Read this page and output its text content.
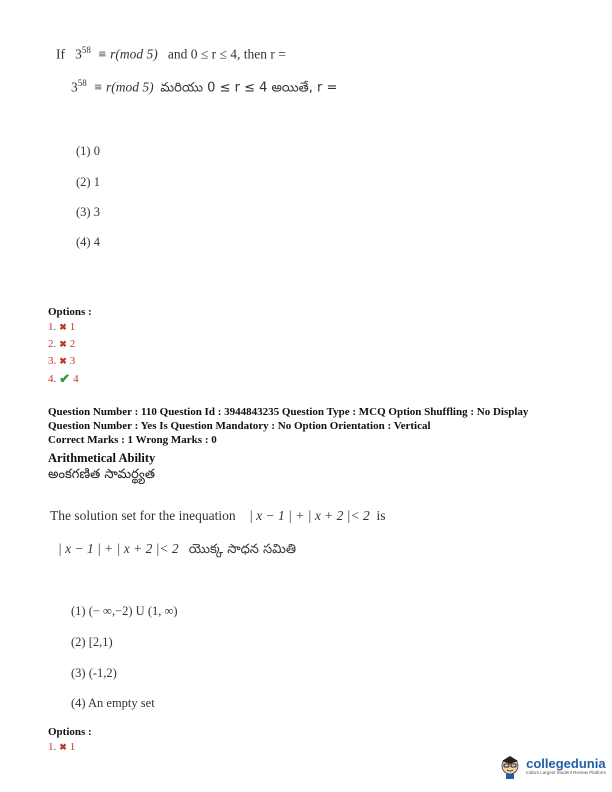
If $3^{58} \equiv r(mod$ 5) and 0 ≤ r ≤ 4, then r =
$3^{58} \equiv r(mod$ 5) మరియు 0 ≤ r ≤ 4 అయితే, r =
(1) 0
(2) 1
(3) 3
(4) 4
Options :
1. ✖ 1
2. ✖ 2
3. ✖ 3
4. ✔ 4
Question Number : 110 Question Id : 3944843235 Question Type : MCQ Option Shuffling : No Display
Question Number : Yes Is Question Mandatory : No Option Orientation : Vertical
Correct Marks : 1 Wrong Marks : 0
Arithmetical Ability
అంకగణిత సామర్థ్యత
The solution set for the inequation | x − 1 | + | x + 2 |< 2 is
| x − 1 | + | x + 2 |< 2 యొక్క సాధన సమితి
(1) (− ∞,−2) U (1, ∞)
(2) [2,1)
(3) (-1,2)
(4) An empty set
Options :
1. ✖ 1
collegedunia
India's Largest Student Review Platform
